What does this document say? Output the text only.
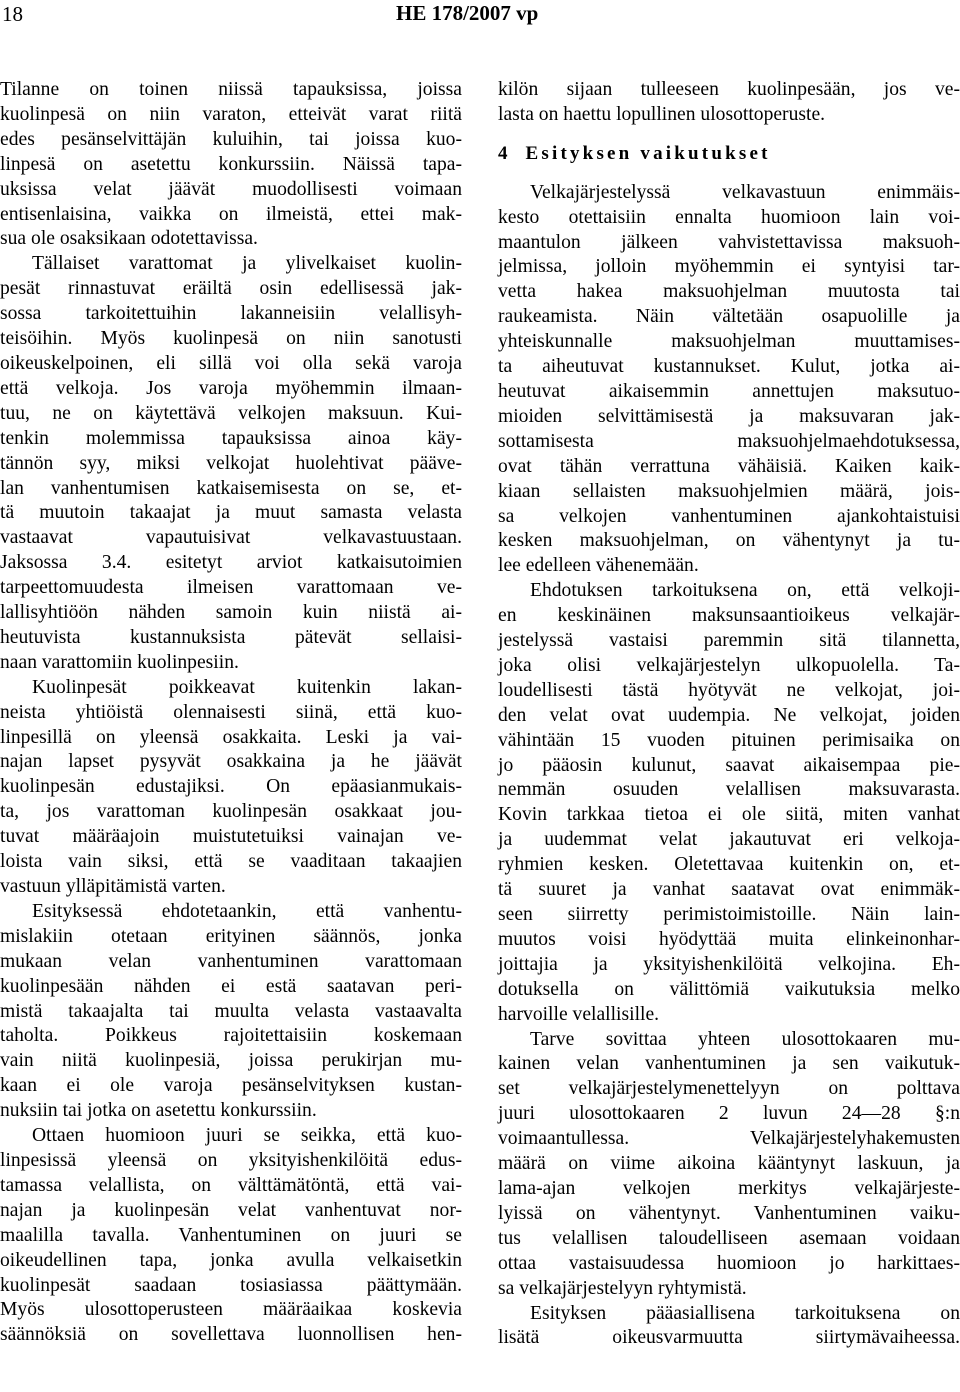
18	HE 178/2007 vp
Tilanne on toinen niissä tapauksissa, joissa
kuolinpesä on niin varaton, etteivät varat riitä
edes pesänselvittäjän kuluihin, tai joissa kuo-
linpesä on asetettu konkurssiin. Näissä tapa-
uksissa velat jäävät muodollisesti voimaan
entisenlaisina, vaikka on ilmeistä, ettei mak-
sua ole osaksikaan odotettavissa.
Tällaiset varattomat ja ylivelkaiset kuolin-
pesät rinnastuvat eräiltä osin edellisessä jak-
sossa tarkoitettuihin lakanneisiin velallisyh-
teisöihin. Myös kuolinpesä on niin sanotusti
oikeuskelpoinen, eli sillä voi olla sekä varoja
että velkoja. Jos varoja myöhemmin ilmaan-
tuu, ne on käytettävä velkojen maksuun. Kui-
tenkin molemmissa tapauksissa ainoa käy-
tännön syy, miksi velkojat huolehtivat päävе-
lan vanhentumisen katkaisemisesta on se, et-
tä muutoin takaajat ja muut samasta velasta
vastaavat vapautuisivat velkavastuustaan.
Jaksossa 3.4. esitetyt arviot katkaisutoimien
tarpeettomuudesta ilmeisen varattomaan ve-
lallisyhtiöön nähden samoin kuin niistä ai-
heutuvista kustannuksista pätevät sellaisi-
naan varattomiin kuolinpesiin.
Kuolinpesät poikkeavat kuitenkin lakan-
neista yhtiöistä olennaisesti siinä, että kuo-
linpesillä on yleensä osakkaita. Leski ja vai-
najan lapset pysyvät osakkaina ja he jäävät
kuolinpesän edustajiksi. On epäasianmukais-
ta, jos varattoman kuolinpesän osakkaat jou-
tuvat määräajoin muistutetuiksi vainajan ve-
loista vain siksi, että se vaaditaan takaajien
vastuun ylläpitämistä varten.
Esityksessä ehdotetaankin, että vanhentu-
mislakiin otetaan erityinen säännös, jonka
mukaan velan vanhentuminen varattomaan
kuolinpesään nähden ei estä saatavan peri-
mistä takaajalta tai muulta velasta vastaavalta
taholta. Poikkeus rajoitettaisiin koskemaan
vain niitä kuolinpesiä, joissa perukirjan mu-
kaan ei ole varoja pesänselvityksen kustan-
nuksiin tai jotka on asetettu konkurssiin.
Ottaen huomioon juuri se seikka, että kuo-
linpesissä yleensä on yksityishenkilöitä edus-
tamassa velallista, on välttämätöntä, että vai-
najan ja kuolinpesän velat vanhentuvat nor-
maalilla tavalla. Vanhentuminen on juuri se
oikeudellinen tapa, jonka avulla velkaisetkin
kuolinpesät saadaan tosiasiassa päättymään.
Myös ulosottoperusteen määräaikaa koskevia
säännöksiä on sovellettava luonnollisen hen-
kilön sijaan tulleeseen kuolinpesään, jos ve-
lasta on haettu lopullinen ulosottoperuste.
4 Esityksen vaikutukset
Velkajärjestelyssä velkavastuun enimmäis-
kesto otettaisiin ennalta huomioon lain voi-
maantulon jälkeen vahvistettavissa maksuoh-
jelmissa, jolloin myöhemmin ei syntyisi tar-
vetta hakea maksuohjelman muutosta tai
raukeamista. Näin vältetään osapuolille ja
yhteiskunnalle maksuohjelman muuttamises-
ta aiheutuvat kustannukset. Kulut, jotka ai-
heutuvat aikaisemmin annettujen maksutuo-
mioiden selvittämisestä ja maksuvaran jak-
sottamisesta maksuohjelmaehdotuksessa,
ovat tähän verrattuna vähäisiä. Kaiken kaik-
kiaan sellaisten maksuohjelmien määrä, jois-
sa velkojen vanhentuminen ajankohtaistuisi
kesken maksuohjelman, on vähentynyt ja tu-
lee edelleen vähenemään.
Ehdotuksen tarkoituksena on, että velkoji-
en keskinäinen maksunsaantioikeus velkajär-
jestelyssä vastaisi paremmin sitä tilannetta,
joka olisi velkajärjestelyn ulkopuolella. Ta-
loudellisesti tästä hyötyvät ne velkojat, joi-
den velat ovat uudempia. Ne velkojat, joiden
vähintään 15 vuoden pituinen perimisaika on
jo pääosin kulunut, saavat aikaisempaa pie-
nemmän osuuden velallisen maksuvarasta.
Kovin tarkkaa tietoa ei ole siitä, miten vanhat
ja uudemmat velat jakautuvat eri velkoja-
ryhmien kesken. Oletettavaa kuitenkin on, et-
tä suuret ja vanhat saatavat ovat enimmäk-
seen siirretty perimistoimistoille. Näin lain-
muutos voisi hyödyttää muita elinkeinonhar-
joittajia ja yksityishenkilöitä velkojina. Eh-
dotuksella on välittömiä vaikutuksia melko
harvoille velallisille.
Tarve sovittaa yhteen ulosottokaaren mu-
kainen velan vanhentuminen ja sen vaikutuk-
set velkajärjestelymenettelyyn on polttava
juuri ulosottokaaren 2 luvun 24—28 §:n
voimaantullessa. Velkajärjestelyhakemusten
määrä on viime aikoina kääntynyt laskuun, ja
lama-ajan velkojen merkitys velkajärjeste-
lyissä on vähentynyt. Vanhentuminen vaiku-
tus velallisen taloudelliseen asemaan voidaan
ottaa vastaisuudessa huomioon jo harkittaes-
sa velkajärjestelyyn ryhtymistä.
Esityksen pääasiallisena tarkoituksena on
lisätä oikeusvarmuutta siirtymävaiheessa.
